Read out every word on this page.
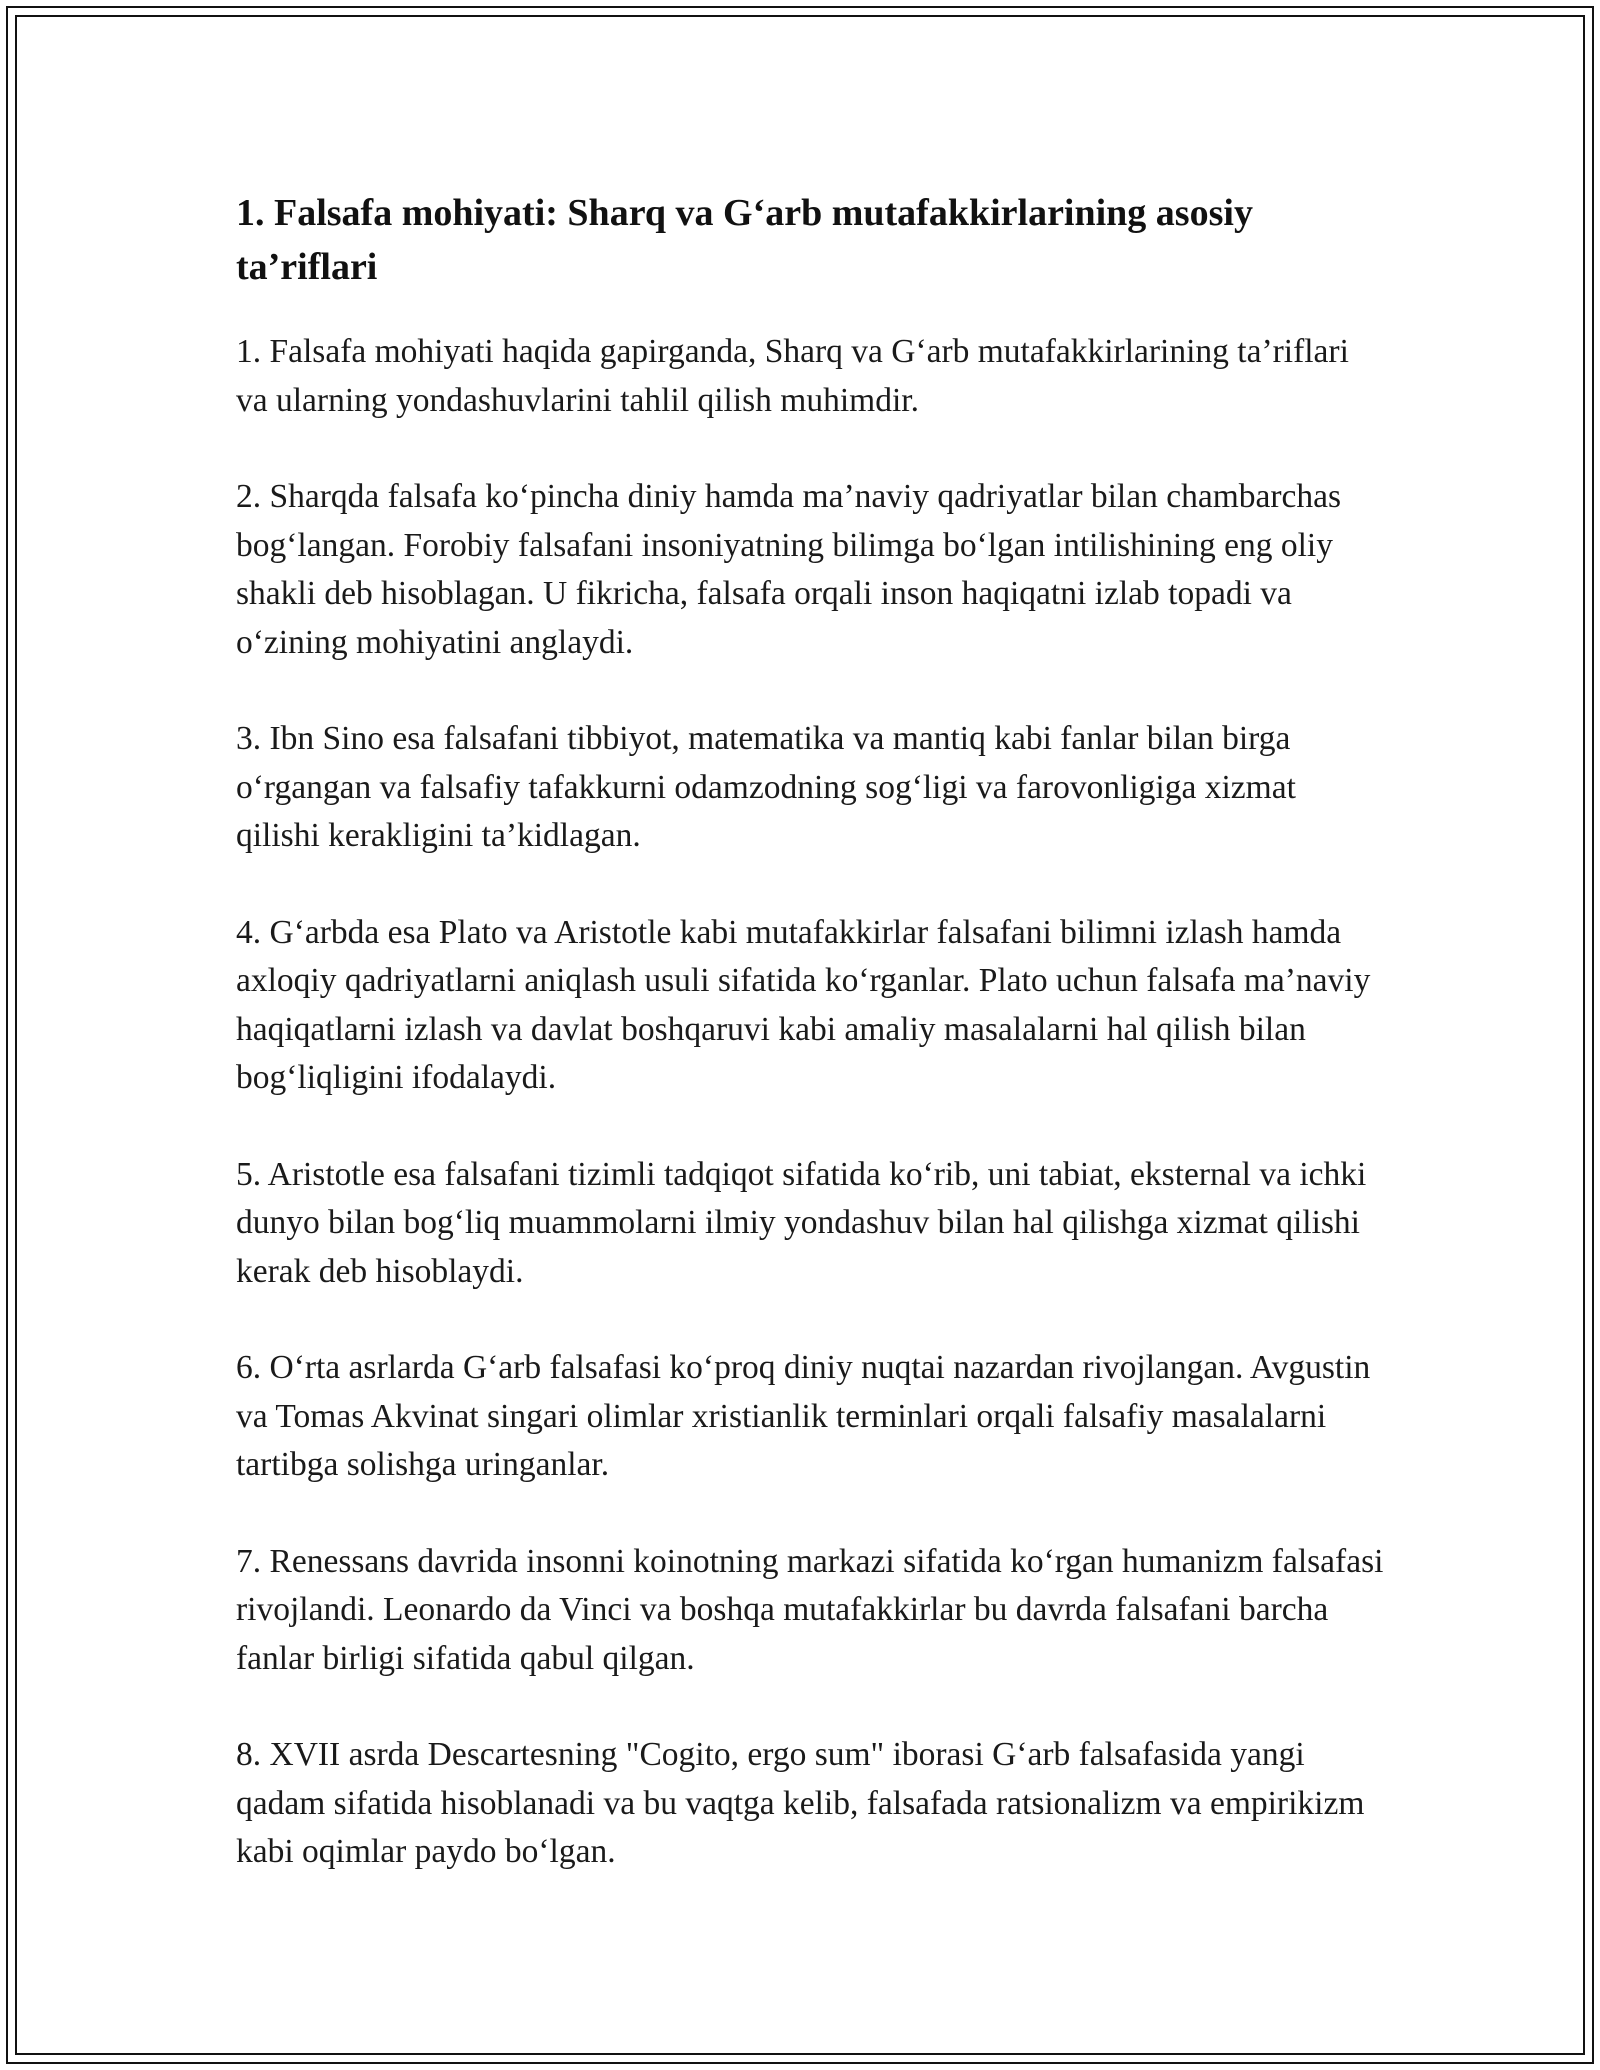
1. Falsafa mohiyati: Sharq va G‘arb mutafakkirlarining asosiy ta’riflari

1. Falsafa mohiyati haqida gapirganda, Sharq va G‘arb mutafakkirlarining ta’riflari va ularning yondashuvlarini tahlil qilish muhimdir.

2. Sharqda falsafa ko‘pincha diniy hamda ma’naviy qadriyatlar bilan chambarchas bog‘langan. Forobiy falsafani insoniyatning bilimga bo‘lgan intilishining eng oliy shakli deb hisoblagan. U fikricha, falsafa orqali inson haqiqatni izlab topadi va o‘zining mohiyatini anglaydi.

3. Ibn Sino esa falsafani tibbiyot, matematika va mantiq kabi fanlar bilan birga o‘rgangan va falsafiy tafakkurni odamzodning sog‘ligi va farovonligiga xizmat qilishi kerakligini ta’kidlagan.

4. G‘arbda esa Plato va Aristotle kabi mutafakkirlar falsafani bilimni izlash hamda axloqiy qadriyatlarni aniqlash usuli sifatida ko‘rganlar. Plato uchun falsafa ma’naviy haqiqatlarni izlash va davlat boshqaruvi kabi amaliy masalalarni hal qilish bilan bog‘liqligini ifodalaydi.

5. Aristotle esa falsafani tizimli tadqiqot sifatida ko‘rib, uni tabiat, eksternal va ichki dunyo bilan bog‘liq muammolarni ilmiy yondashuv bilan hal qilishga xizmat qilishi kerak deb hisoblaydi.

6. O‘rta asrlarda G‘arb falsafasi ko‘proq diniy nuqtai nazardan rivojlangan. Avgustin va Tomas Akvinat singari olimlar xristianlik terminlari orqali falsafiy masalalarni tartibga solishga uringanlar.

7. Renessans davrida insonni koinotning markazi sifatida ko‘rgan humanizm falsafasi rivojlandi. Leonardo da Vinci va boshqa mutafakkirlar bu davrda falsafani barcha fanlar birligi sifatida qabul qilgan.

8. XVII asrda Descartesning "Cogito, ergo sum" iborasi G‘arb falsafasida yangi qadam sifatida hisoblanadi va bu vaqtga kelib, falsafada ratsionalizm va empirikizm kabi oqimlar paydo bo‘lgan.
